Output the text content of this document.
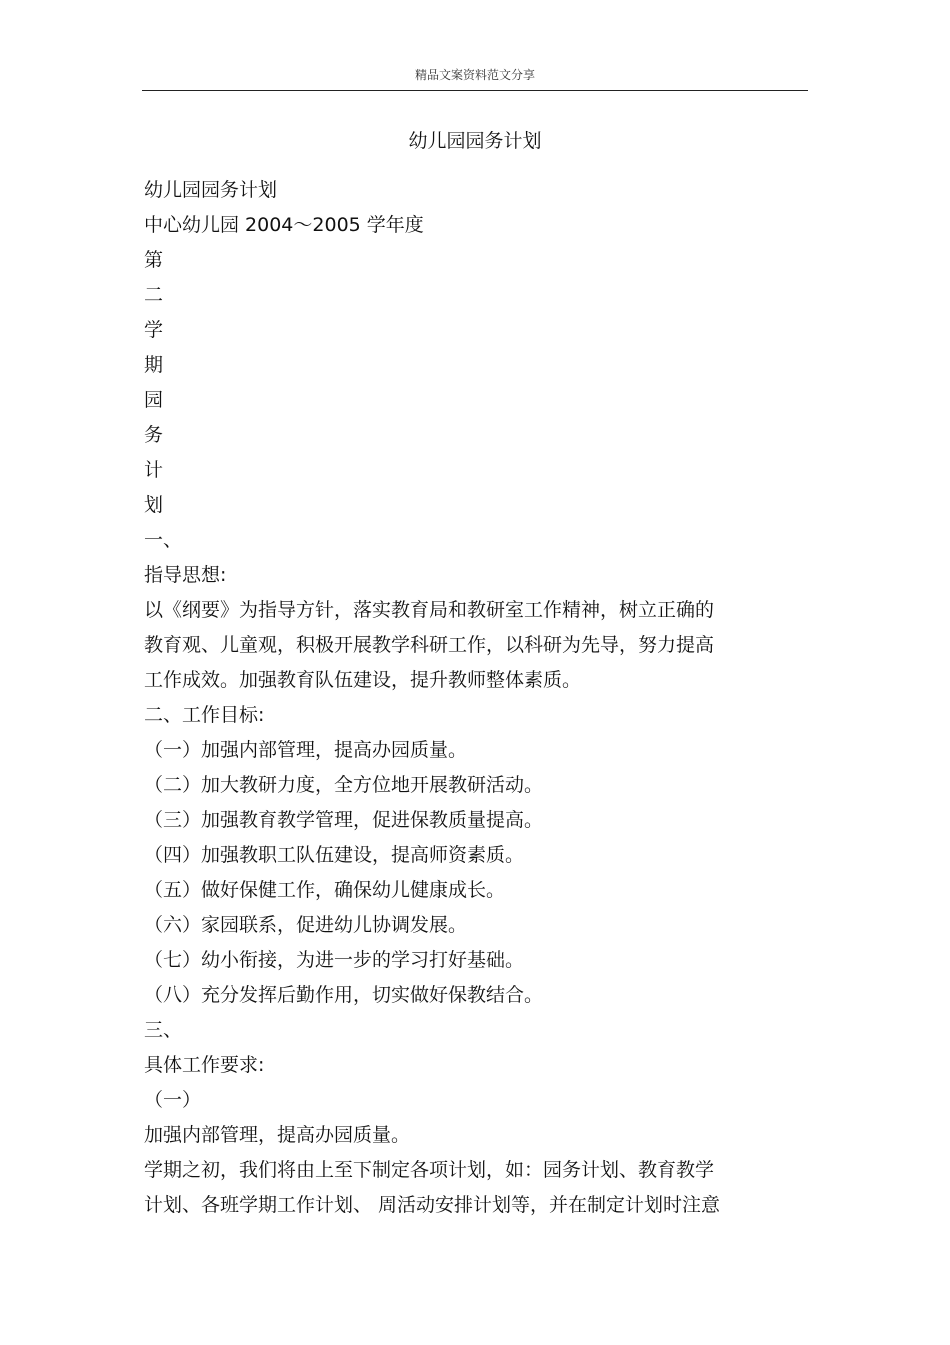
精品文案资料范文分享
幼儿园园务计划
幼儿园园务计划
中心幼儿园 2004～2005 学年度
第
二
学
期
园
务
计
划
一、
指导思想:
以《纲要》为指导方针，落实教育局和教研室工作精神，树立正确的
教育观、儿童观，积极开展教学科研工作，以科研为先导，努力提高
工作成效。加强教育队伍建设，提升教师整体素质。
二、工作目标:
（一）加强内部管理，提高办园质量。
（二）加大教研力度，全方位地开展教研活动。
（三）加强教育教学管理，促进保教质量提高。
（四）加强教职工队伍建设，提高师资素质。
（五）做好保健工作，确保幼儿健康成长。
（六）家园联系，促进幼儿协调发展。
（七）幼小衔接，为进一步的学习打好基础。
（八）充分发挥后勤作用，切实做好保教结合。
三、
具体工作要求:
（一）
加强内部管理，提高办园质量。
学期之初，我们将由上至下制定各项计划，如：园务计划、教育教学
计划、各班学期工作计划、 周活动安排计划等，并在制定计划时注意
